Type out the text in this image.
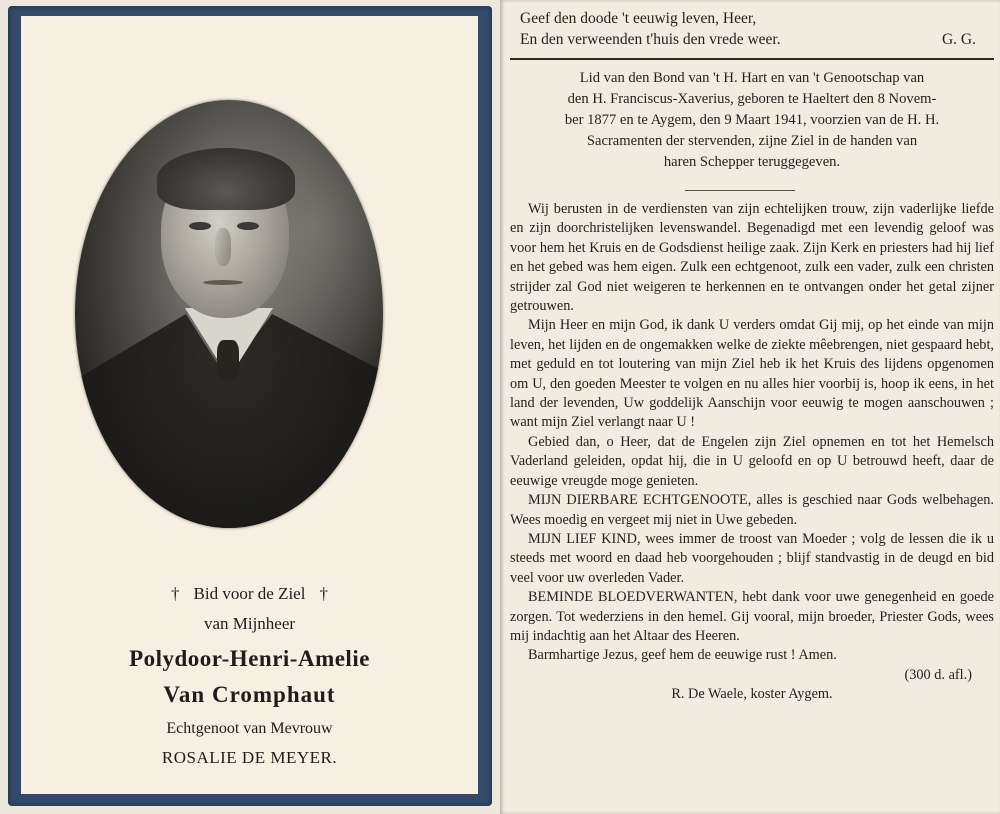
† Bid voor de Ziel †
van Mijnheer
Polydoor-Henri-Amelie
Van Cromphaut
Echtgenoot van Mevrouw
ROSALIE DE MEYER.
Geef den doode 't eeuwig leven, Heer,
En den verweenden t'huis den vrede weer.	G. G.
Lid van den Bond van 't H. Hart en van 't Genootschap van
den H. Franciscus-Xaverius, geboren te Haeltert den 8 Novem-
ber 1877 en te Aygem, den 9 Maart 1941, voorzien van de H. H.
Sacramenten der stervenden, zijne Ziel in de handen van
haren Schepper teruggegeven.

Wij berusten in de verdiensten van zijn echtelijken trouw, zijn vaderlijke liefde en zijn doorchristelijken levenswandel. Begenadigd met een levendig geloof was voor hem het Kruis en de Godsdienst heilige zaak. Zijn Kerk en priesters had hij lief en het gebed was hem eigen. Zulk een echtgenoot, zulk een vader, zulk een christen strijder zal God niet weigeren te herkennen en te ontvangen onder het getal zijner getrouwen.

Mijn Heer en mijn God, ik dank U verders omdat Gij mij, op het einde van mijn leven, het lijden en de ongemakken welke de ziekte mêebrengen, niet gespaard hebt, met geduld en tot loutering van mijn Ziel heb ik het Kruis des lijdens opgenomen om U, den goeden Meester te volgen en nu alles hier voorbij is, hoop ik eens, in het land der levenden, Uw goddelijk Aanschijn voor eeuwig te mogen aanschouwen ; want mijn Ziel verlangt naar U !

Gebied dan, o Heer, dat de Engelen zijn Ziel opnemen en tot het Hemelsch Vaderland geleiden, opdat hij, die in U geloofd en op U betrouwd heeft, daar de eeuwige vreugde moge genieten.

MIJN DIERBARE ECHTGENOOTE, alles is geschied naar Gods welbehagen. Wees moedig en vergeet mij niet in Uwe gebeden.

MIJN LIEF KIND, wees immer de troost van Moeder ; volg de lessen die ik u steeds met woord en daad heb voorgehouden ; blijf standvastig in de deugd en bid veel voor uw overleden Vader.

BEMINDE BLOEDVERWANTEN, hebt dank voor uwe genegenheid en goede zorgen. Tot wederziens in den hemel. Gij vooral, mijn broeder, Priester Gods, wees mij indachtig aan het Altaar des Heeren.

Barmhartige Jezus, geef hem de eeuwige rust ! Amen.

(300 d. afl.)

R. De Waele, koster Aygem.
